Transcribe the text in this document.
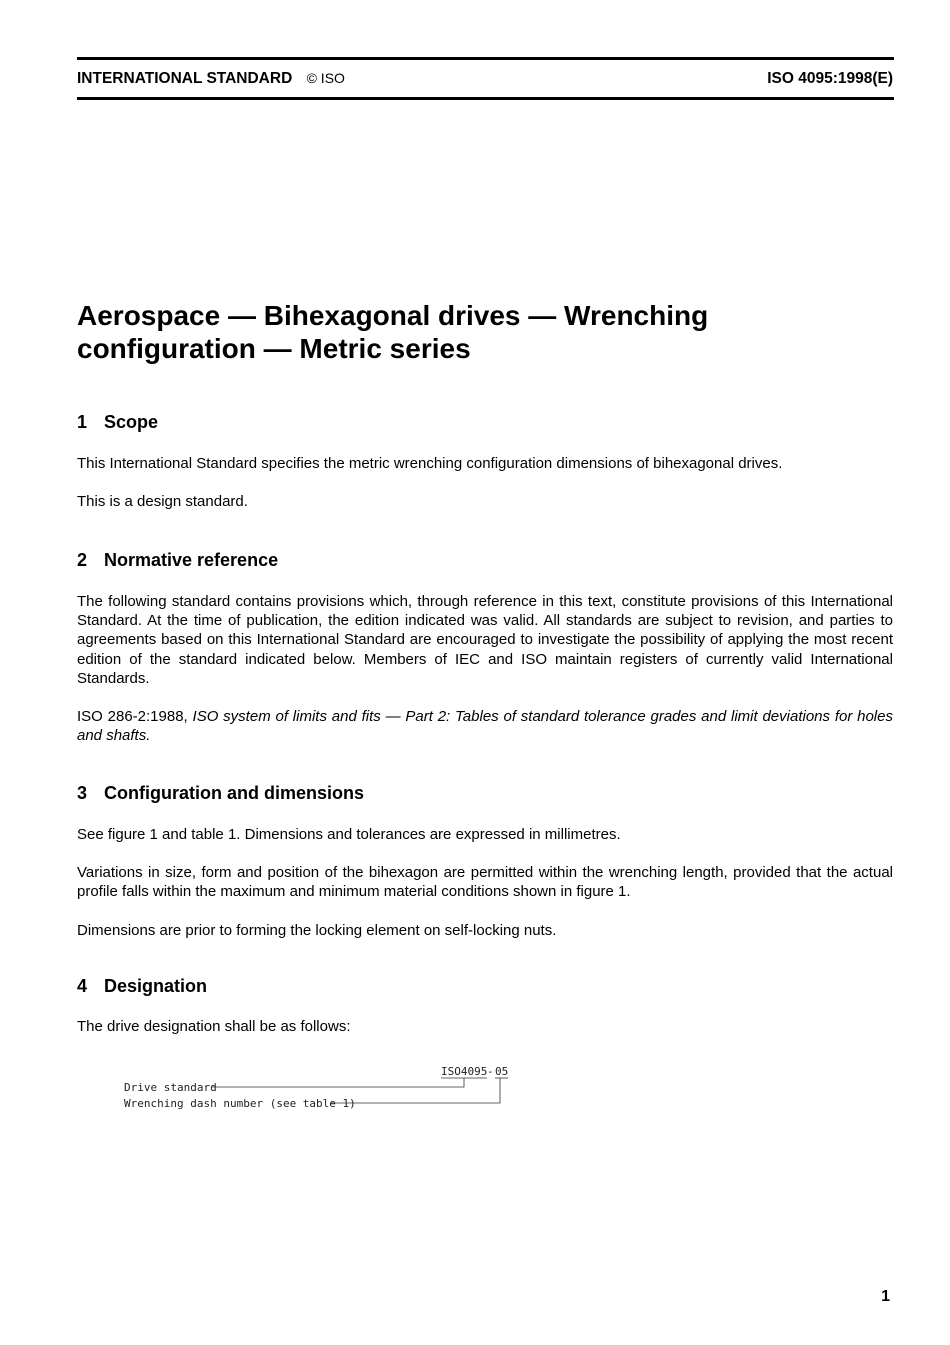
INTERNATIONAL STANDARD © ISO	ISO 4095:1998(E)
Aerospace — Bihexagonal drives — Wrenching
configuration — Metric series
1 Scope
This International Standard specifies the metric wrenching configuration dimensions of bihexagonal drives.
This is a design standard.
2 Normative reference
The following standard contains provisions which, through reference in this text, constitute provisions of this International Standard. At the time of publication, the edition indicated was valid. All standards are subject to revision, and parties to agreements based on this International Standard are encouraged to investigate the possibility of applying the most recent edition of the standard indicated below. Members of IEC and ISO maintain registers of currently valid International Standards.
ISO 286-2:1988, ISO system of limits and fits — Part 2: Tables of standard tolerance grades and limit deviations for holes and shafts.
3 Configuration and dimensions
See figure 1 and table 1. Dimensions and tolerances are expressed in millimetres.
Variations in size, form and position of the bihexagon are permitted within the wrenching length, provided that the actual profile falls within the maximum and minimum material conditions shown in figure 1.
Dimensions are prior to forming the locking element on self-locking nuts.
4 Designation
The drive designation shall be as follows:
ISO4095 - 05
Drive standard
Wrenching dash number (see table 1)
1
